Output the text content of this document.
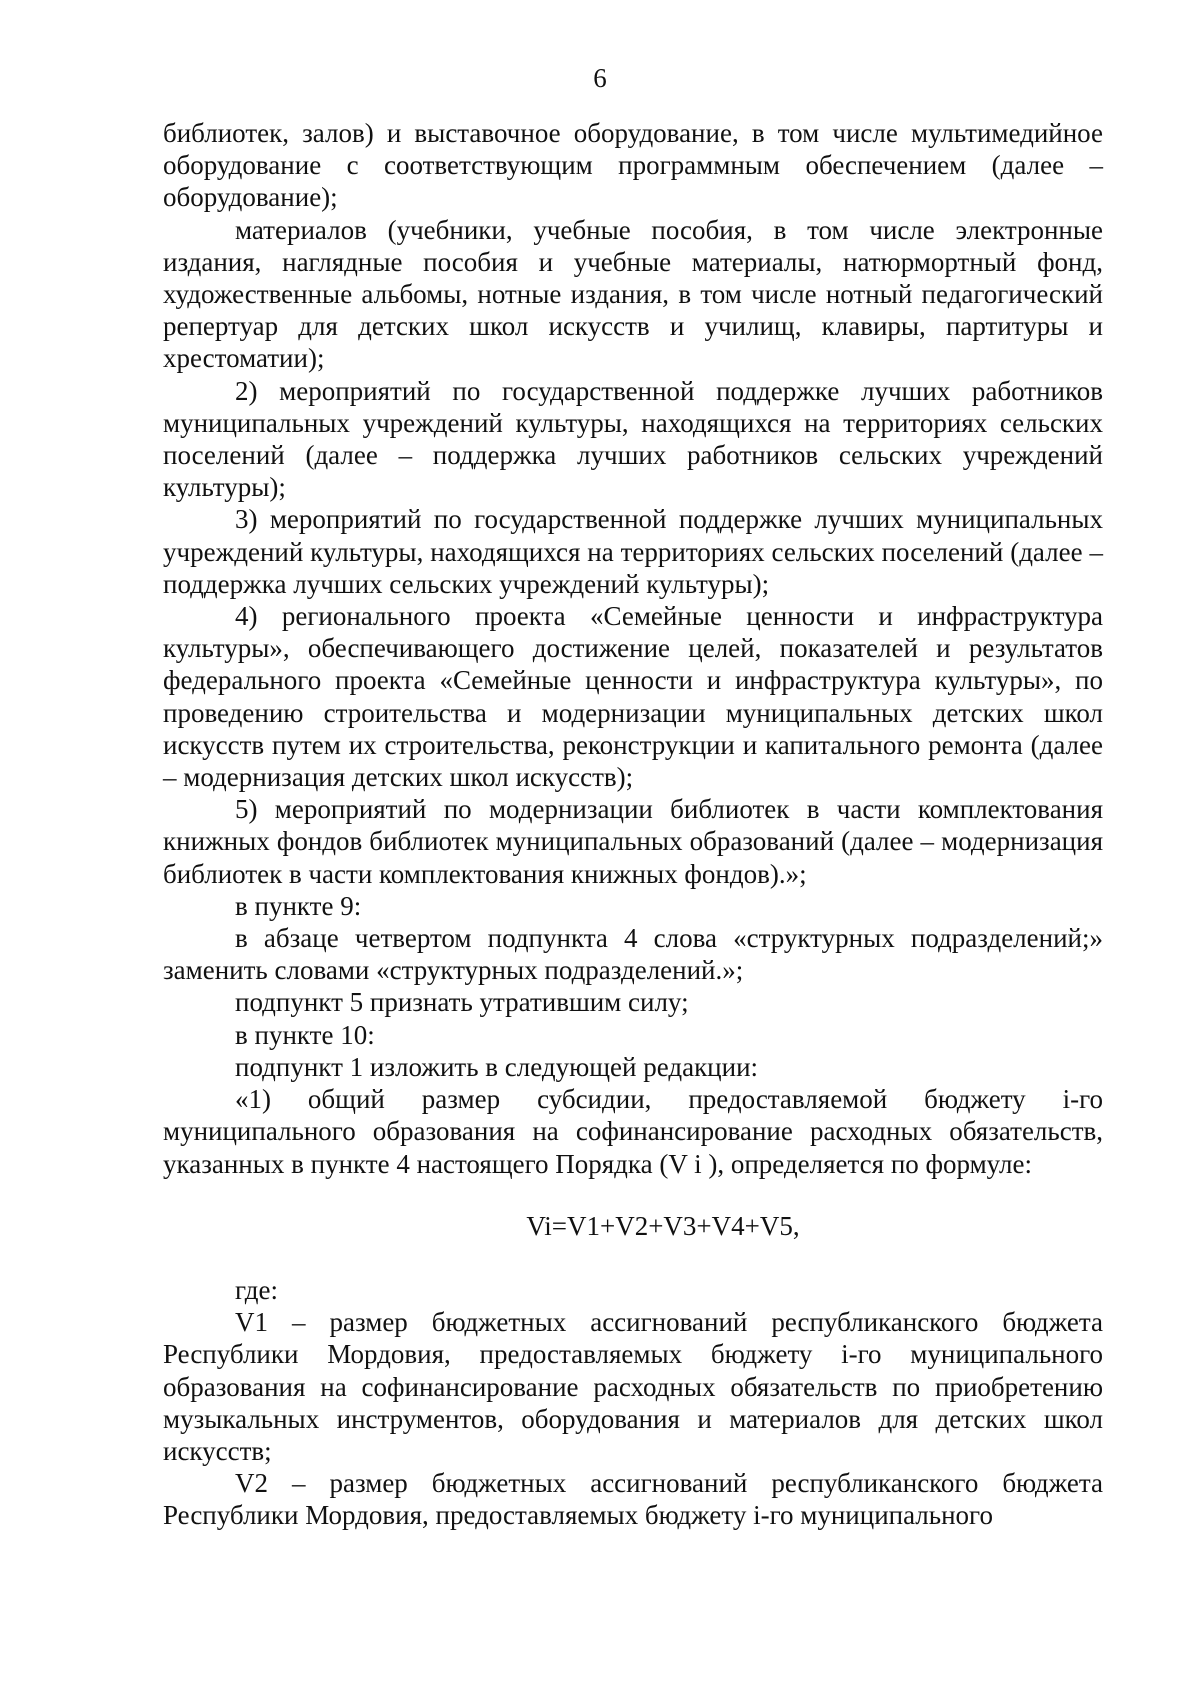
6

библиотек, залов) и выставочное оборудование, в том числе мультимедийное оборудование с соответствующим программным обеспечением (далее – оборудование);

материалов (учебники, учебные пособия, в том числе электронные издания, наглядные пособия и учебные материалы, натюрмортный фонд, художественные альбомы, нотные издания, в том числе нотный педагогический репертуар для детских школ искусств и училищ, клавиры, партитуры и хрестоматии);

2) мероприятий по государственной поддержке лучших работников муниципальных учреждений культуры, находящихся на территориях сельских поселений (далее – поддержка лучших работников сельских учреждений культуры);

3) мероприятий по государственной поддержке лучших муниципальных учреждений культуры, находящихся на территориях сельских поселений (далее – поддержка лучших сельских учреждений культуры);

4) регионального проекта «Семейные ценности и инфраструктура культуры», обеспечивающего достижение целей, показателей и результатов федерального проекта «Семейные ценности и инфраструктура культуры», по проведению строительства и модернизации муниципальных детских школ искусств путем их строительства, реконструкции и капитального ремонта (далее – модернизация детских школ искусств);

5) мероприятий по модернизации библиотек в части комплектования книжных фондов библиотек муниципальных образований (далее – модернизация библиотек в части комплектования книжных фондов).»;

в пункте 9:

в абзаце четвертом подпункта 4 слова «структурных подразделений;» заменить словами «структурных подразделений.»;

подпункт 5 признать утратившим силу;

в пункте 10:

подпункт 1 изложить в следующей редакции:

«1) общий размер субсидии, предоставляемой бюджету i-го муниципального образования на софинансирование расходных обязательств, указанных в пункте 4 настоящего Порядка (V i ), определяется по формуле:

Vi=V1+V2+V3+V4+V5,

где:

V1 – размер бюджетных ассигнований республиканского бюджета Республики Мордовия, предоставляемых бюджету i-го муниципального образования на софинансирование расходных обязательств по приобретению музыкальных инструментов, оборудования и материалов для детских школ искусств;

V2 – размер бюджетных ассигнований республиканского бюджета Республики Мордовия, предоставляемых бюджету i-го муниципального
